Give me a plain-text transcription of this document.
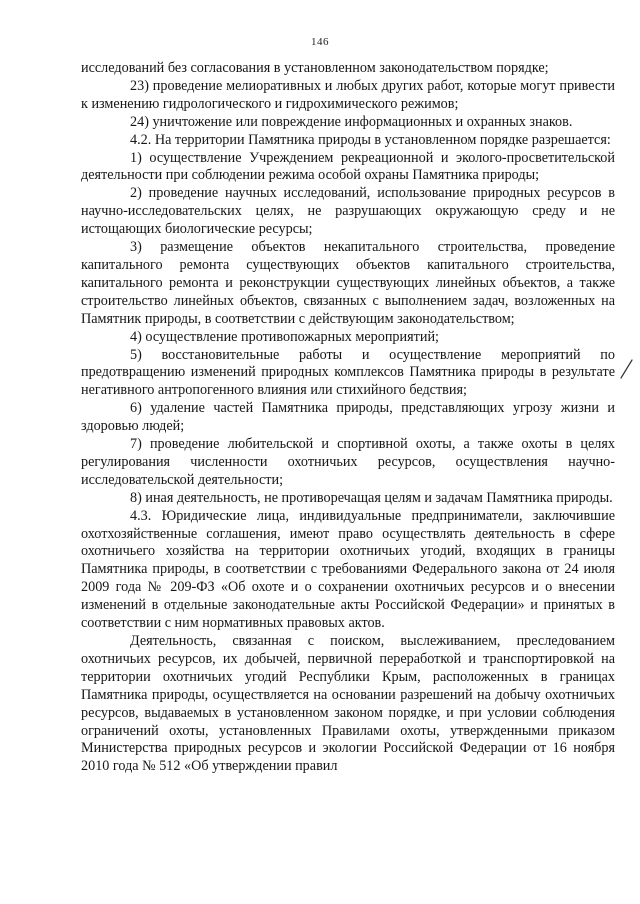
146

исследований без согласования в установленном законодательством порядке;

23) проведение мелиоративных и любых других работ, которые могут привести к изменению гидрологического и гидрохимического режимов;

24) уничтожение или повреждение информационных и охранных знаков.

4.2. На территории Памятника природы в установленном порядке разрешается:

1) осуществление Учреждением рекреационной и эколого-просветительской деятельности при соблюдении режима особой охраны Памятника природы;

2) проведение научных исследований, использование природных ресурсов в научно-исследовательских целях, не разрушающих окружающую среду и не истощающих биологические ресурсы;

3) размещение объектов некапитального строительства, проведение капитального ремонта существующих объектов капитального строительства, капитального ремонта и реконструкции существующих линейных объектов, а также строительство линейных объектов, связанных с выполнением задач, возложенных на Памятник природы, в соответствии с действующим законодательством;

4) осуществление противопожарных мероприятий;

5) восстановительные работы и осуществление мероприятий по предотвращению изменений природных комплексов Памятника природы в результате негативного антропогенного влияния или стихийного бедствия;

6) удаление частей Памятника природы, представляющих угрозу жизни и здоровью людей;

7) проведение любительской и спортивной охоты, а также охоты в целях регулирования численности охотничьих ресурсов, осуществления научно-исследовательской деятельности;

8) иная деятельность, не противоречащая целям и задачам Памятника природы.

4.3. Юридические лица, индивидуальные предприниматели, заключившие охотхозяйственные соглашения, имеют право осуществлять деятельность в сфере охотничьего хозяйства на территории охотничьих угодий, входящих в границы Памятника природы, в соответствии с требованиями Федерального закона от 24 июля 2009 года № 209-ФЗ «Об охоте и о сохранении охотничьих ресурсов и о внесении изменений в отдельные законодательные акты Российской Федерации» и принятых в соответствии с ним нормативных правовых актов.

Деятельность, связанная с поиском, выслеживанием, преследованием охотничьих ресурсов, их добычей, первичной переработкой и транспортировкой на территории охотничьих угодий Республики Крым, расположенных в границах Памятника природы, осуществляется на основании разрешений на добычу охотничьих ресурсов, выдаваемых в установленном законом порядке, и при условии соблюдения ограничений охоты, установленных Правилами охоты, утвержденными приказом Министерства природных ресурсов и экологии Российской Федерации от 16 ноября 2010 года № 512 «Об утверждении правил
